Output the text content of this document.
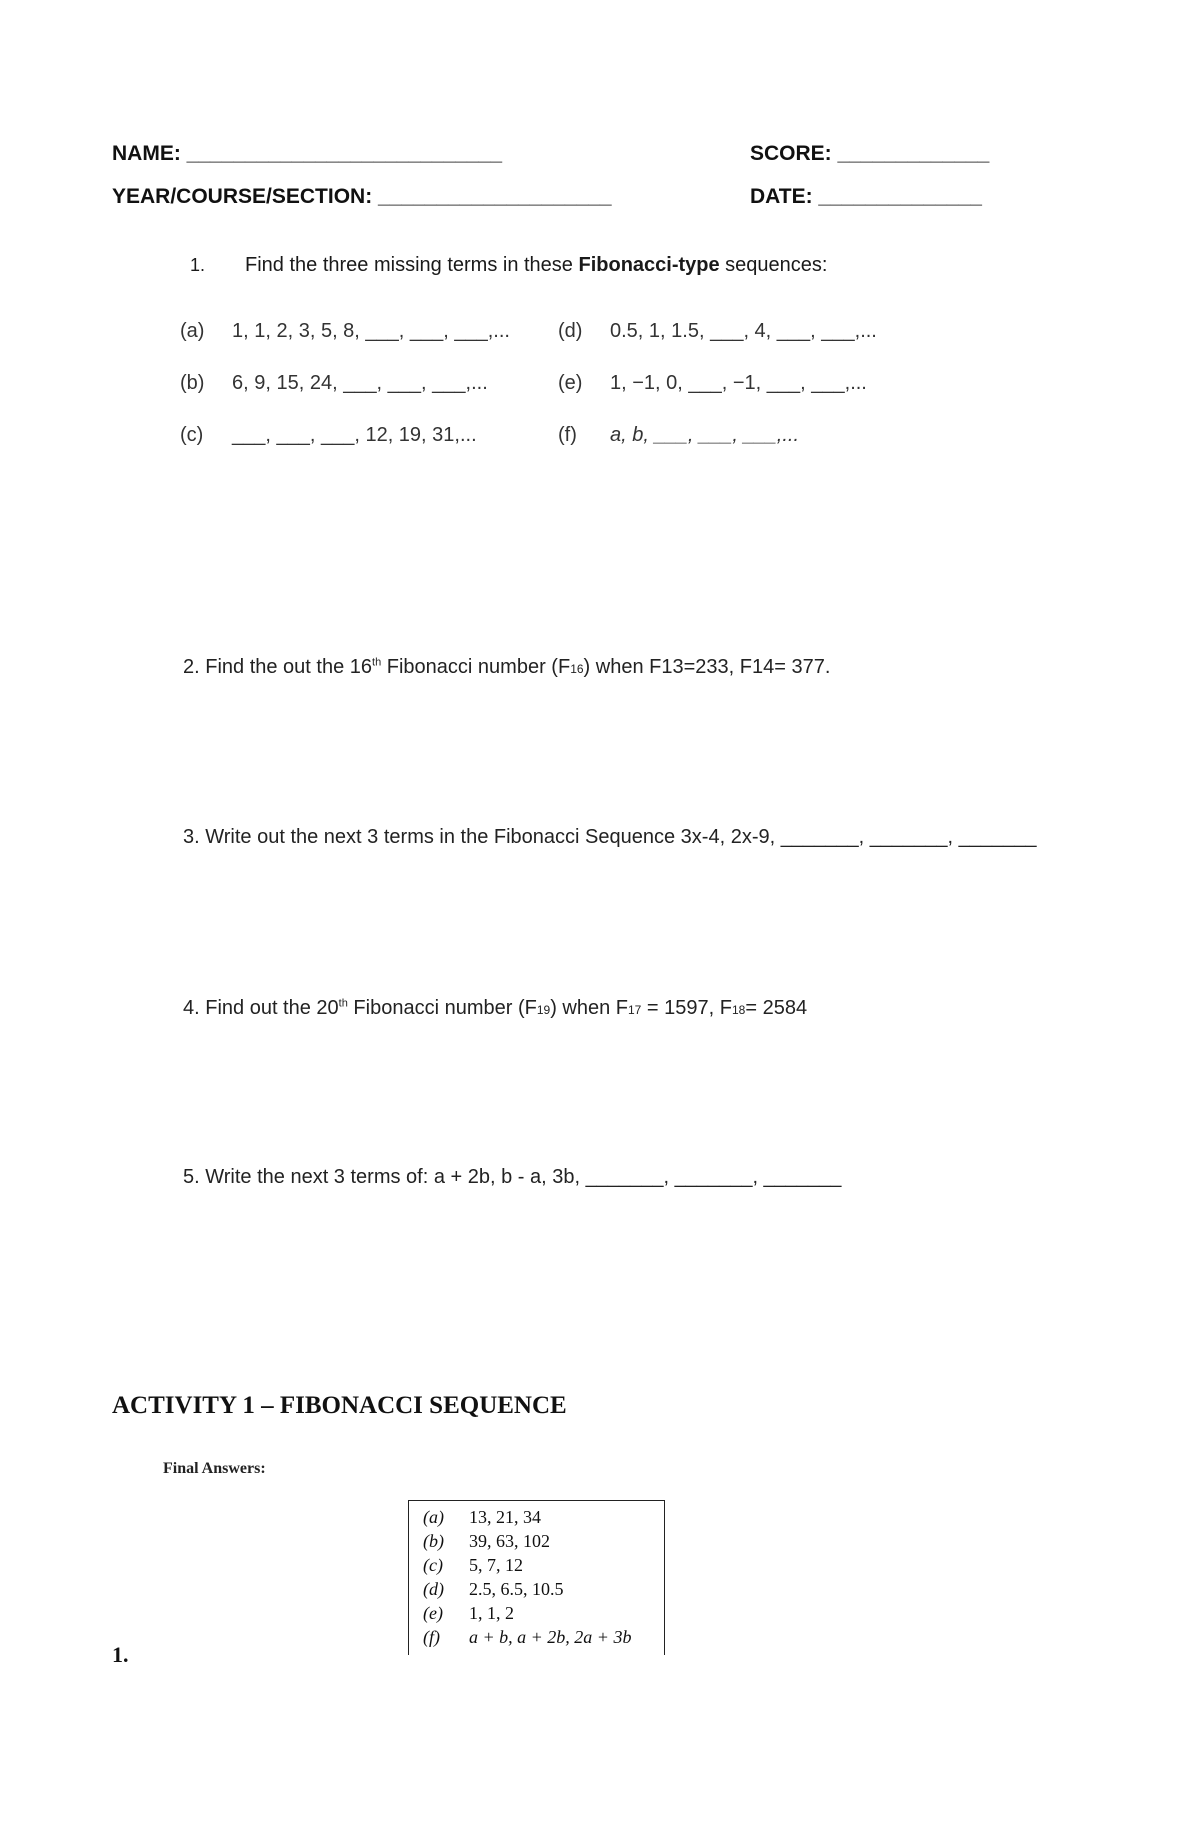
NAME: ___________________________	SCORE: _____________
YEAR/COURSE/SECTION: ____________________	DATE: ______________
1. Find the three missing terms in these Fibonacci-type sequences:
(a) 1, 1, 2, 3, 5, 8, ___, ___, ___,...
(b) 6, 9, 15, 24, ___, ___, ___,...
(c) ___, ___, ___, 12, 19, 31,...
(d) 0.5, 1, 1.5, ___, 4, ___, ___,...
(e) 1, −1, 0, ___, −1, ___, ___,...
(f) a, b, ___, ___, ___,...
2. Find the out the 16th Fibonacci number (F16) when F13=233, F14= 377.
3. Write out the next 3 terms in the Fibonacci Sequence 3x-4, 2x-9, _______, _______, _______
4. Find out the 20th Fibonacci number (F19) when F17 = 1597, F18= 2584
5. Write the next 3 terms of: a + 2b, b - a, 3b, _______, _______, _______
ACTIVITY 1 – FIBONACCI SEQUENCE
Final Answers:
(a) 13, 21, 34
(b) 39, 63, 102
(c) 5, 7, 12
(d) 2.5, 6.5, 10.5
(e) 1, 1, 2
(f) a + b, a + 2b, 2a + 3b
1.
